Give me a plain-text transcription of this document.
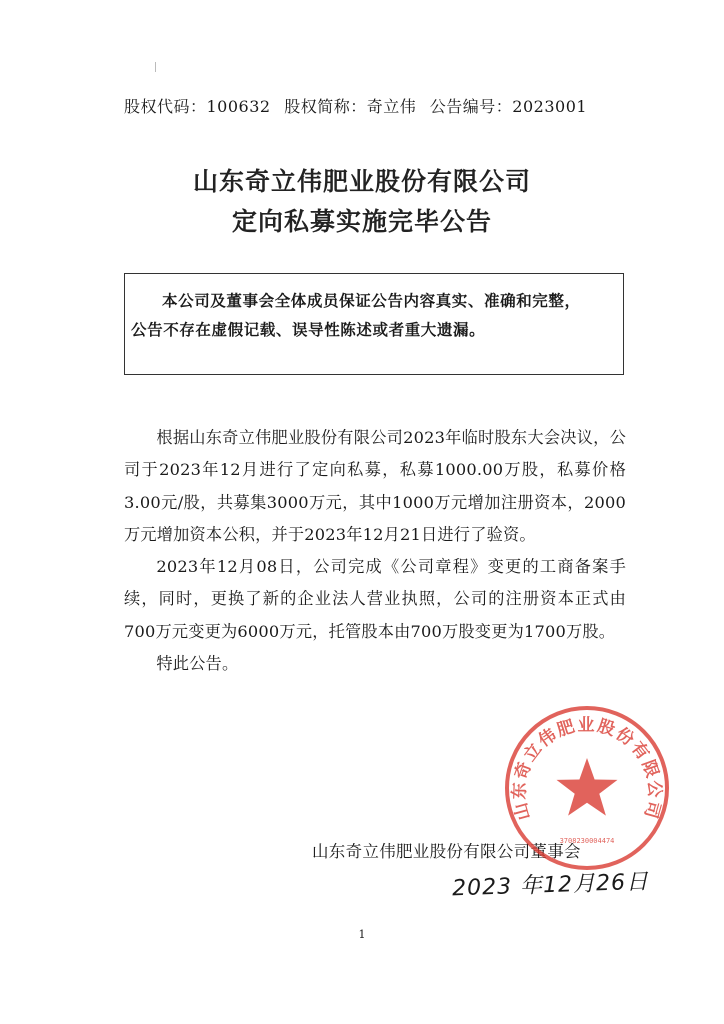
股权代码：100632 股权简称：奇立伟 公告编号：2023001
山东奇立伟肥业股份有限公司
定向私募实施完毕公告

本公司及董事会全体成员保证公告内容真实、准确和完整，

公告不存在虚假记载、误导性陈述或者重大遗漏。

根据山东奇立伟肥业股份有限公司2023年临时股东大会决议，公司于2023年12月进行了定向私募，私募1000.00万股，私募价格3.00元/股，共募集3000万元，其中1000万元增加注册资本，2000万元增加资本公积，并于2023年12月21日进行了验资。

2023年12月08日，公司完成《公司章程》变更的工商备案手续，同时，更换了新的企业法人营业执照，公司的注册资本正式由700万元变更为6000万元，托管股本由700万股变更为1700万股。

特此公告。

山东奇立伟肥业股份有限公司董事会
2023 年12月26日
山东奇立伟肥业股份有限公司
3708230004474
1
